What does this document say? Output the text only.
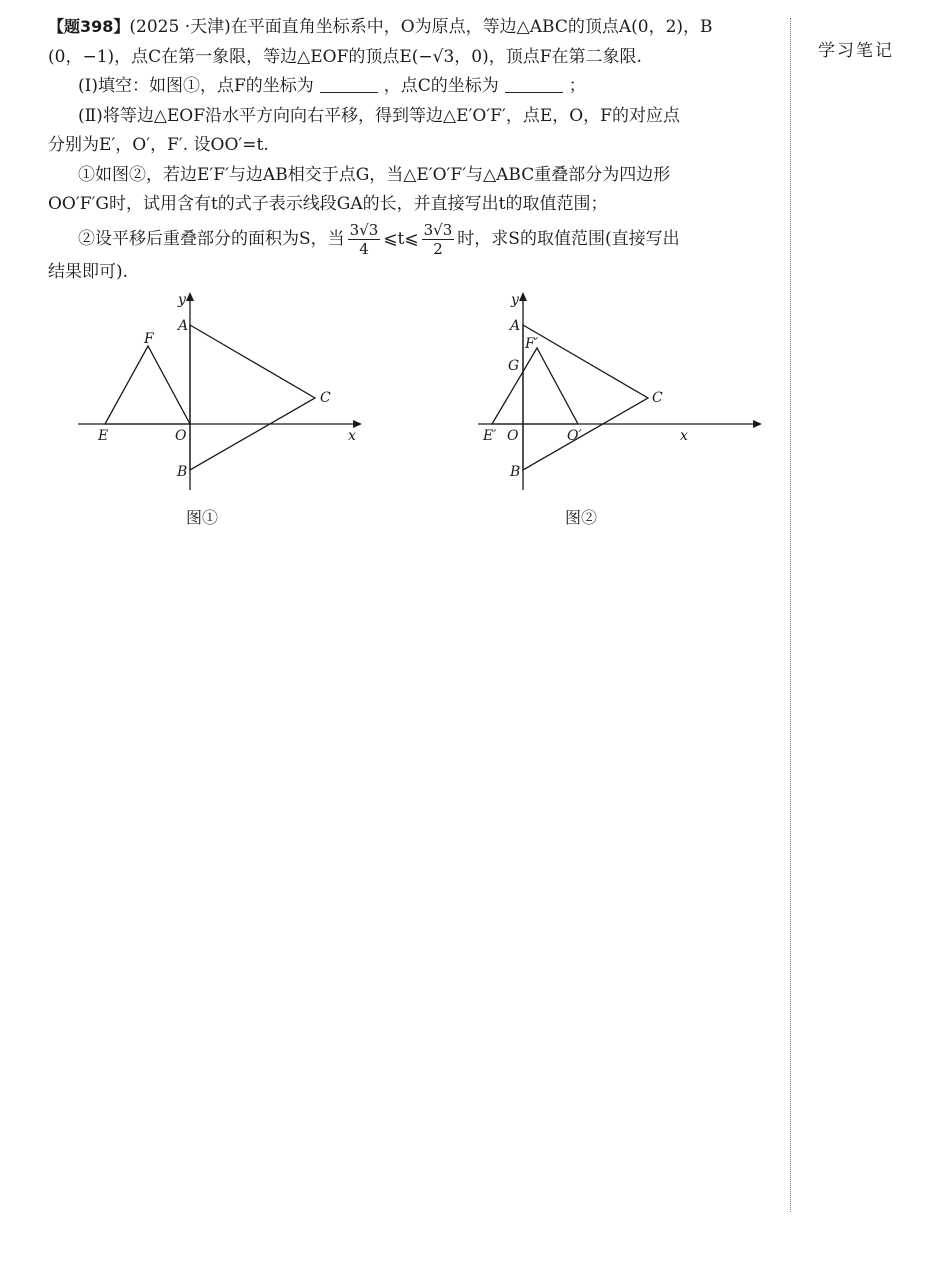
【题398】(2025 ·天津)在平面直角坐标系中，O为原点，等边△ABC的顶点A(0，2)，B
(0，−1)，点C在第一象限，等边△EOF的顶点E(−√3，0)，顶点F在第二象限.
(Ⅰ)填空：如图①，点F的坐标为	，点C的坐标为	；
(Ⅱ)将等边△EOF沿水平方向向右平移，得到等边△E′O′F′，点E，O，F的对应点
分别为E′，O′，F′. 设OO′=t.
①如图②，若边E′F′与边AB相交于点G，当△E′O′F′与△ABC重叠部分为四边形
OO′F′G时，试用含有t的式子表示线段GA的长，并直接写出t的取值范围；
②设平移后重叠部分的面积为S，当 $\frac{3√3}{4}$ ⩽t⩽ $\frac{3√3}{2}$ 时，求S的取值范围(直接写出
结果即可).
学习笔记
y
x
A
B
C
E
F
O
图①
y
x
A
B
C
E′
F′
G
O	O′
图②
